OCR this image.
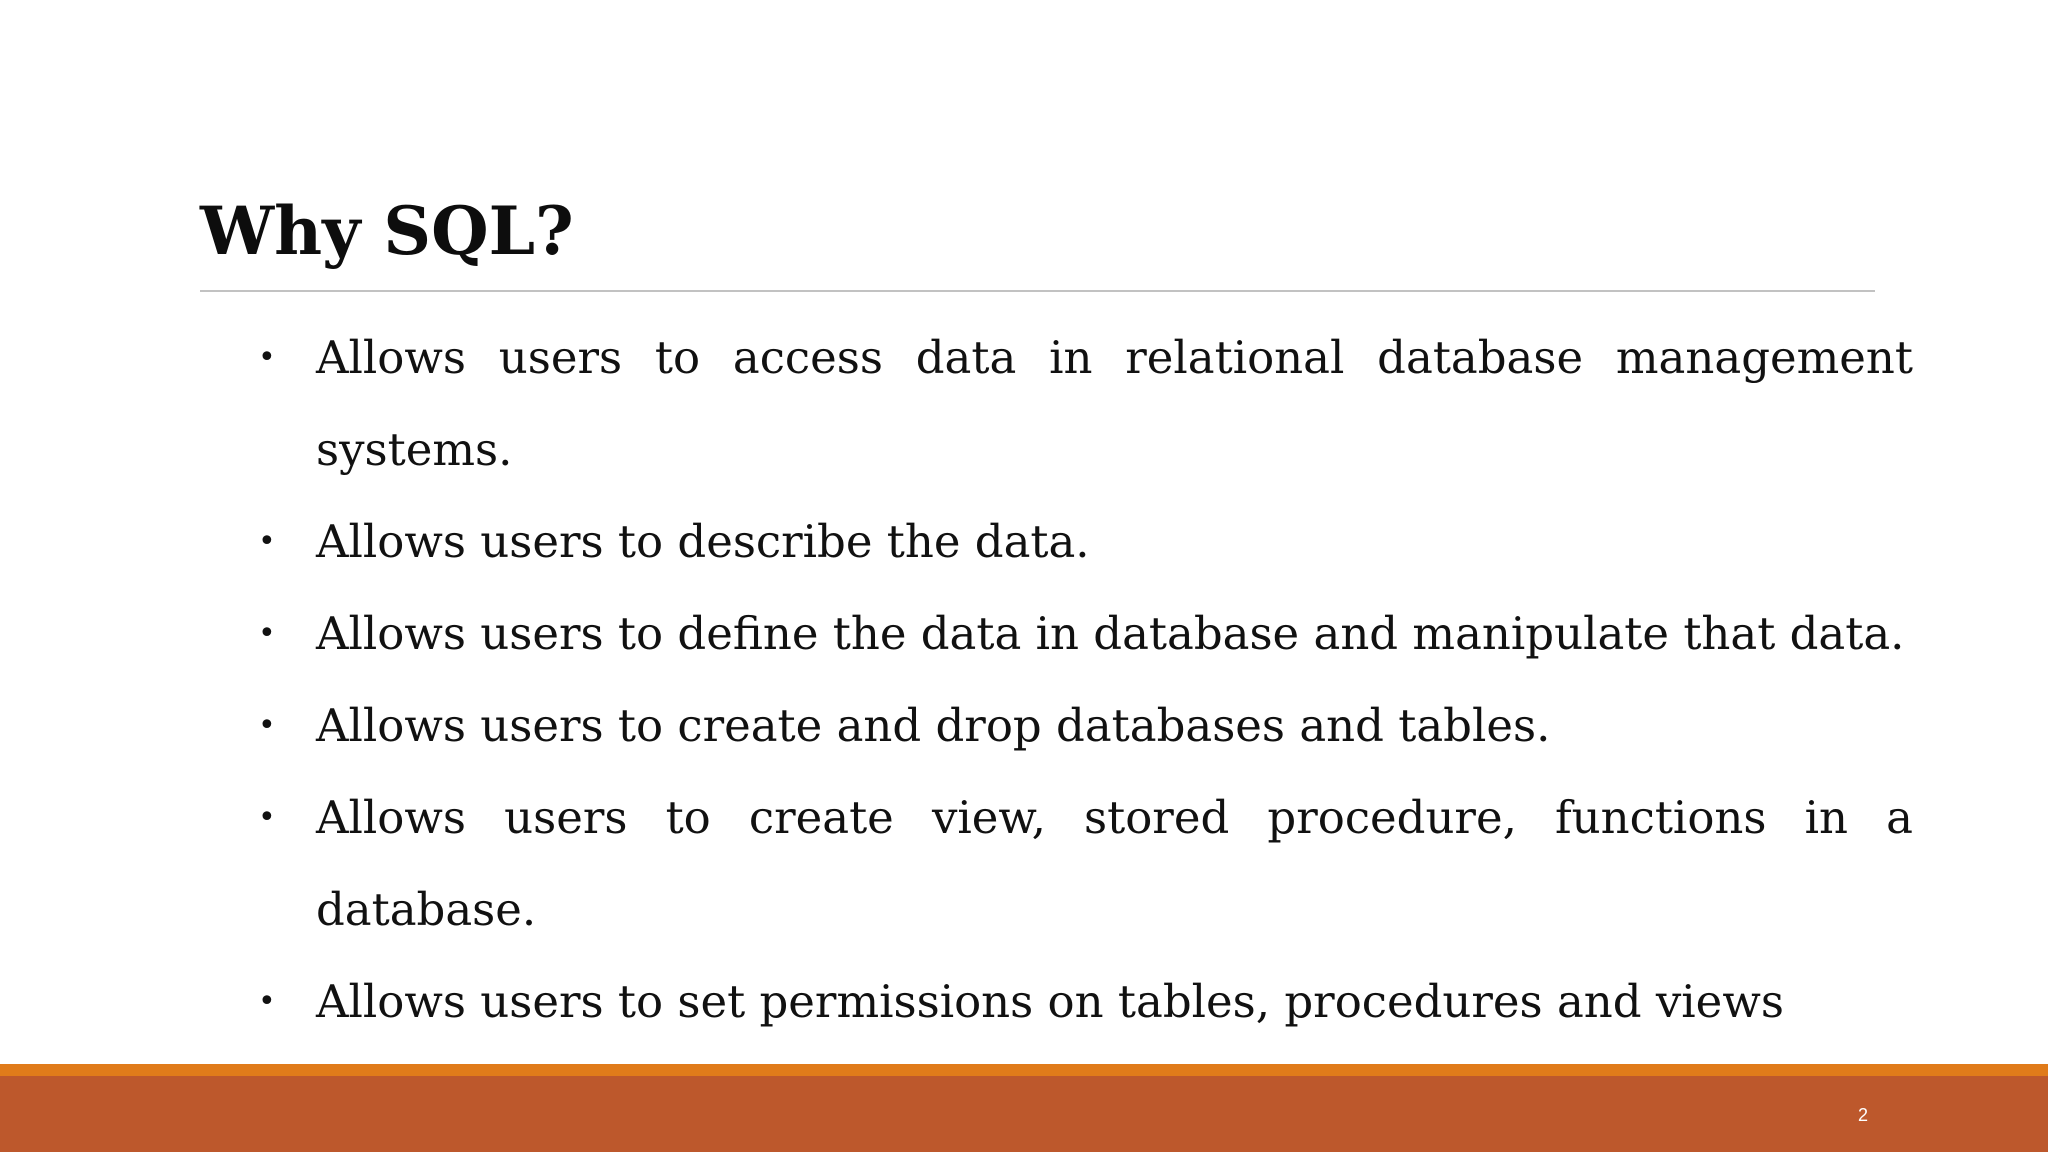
Why SQL?
• Allows users to access data in relational database management systems.
• Allows users to describe the data.
• Allows users to define the data in database and manipulate that data.
• Allows users to create and drop databases and tables.
• Allows users to create view, stored procedure, functions in a database.
• Allows users to set permissions on tables, procedures and views
2
